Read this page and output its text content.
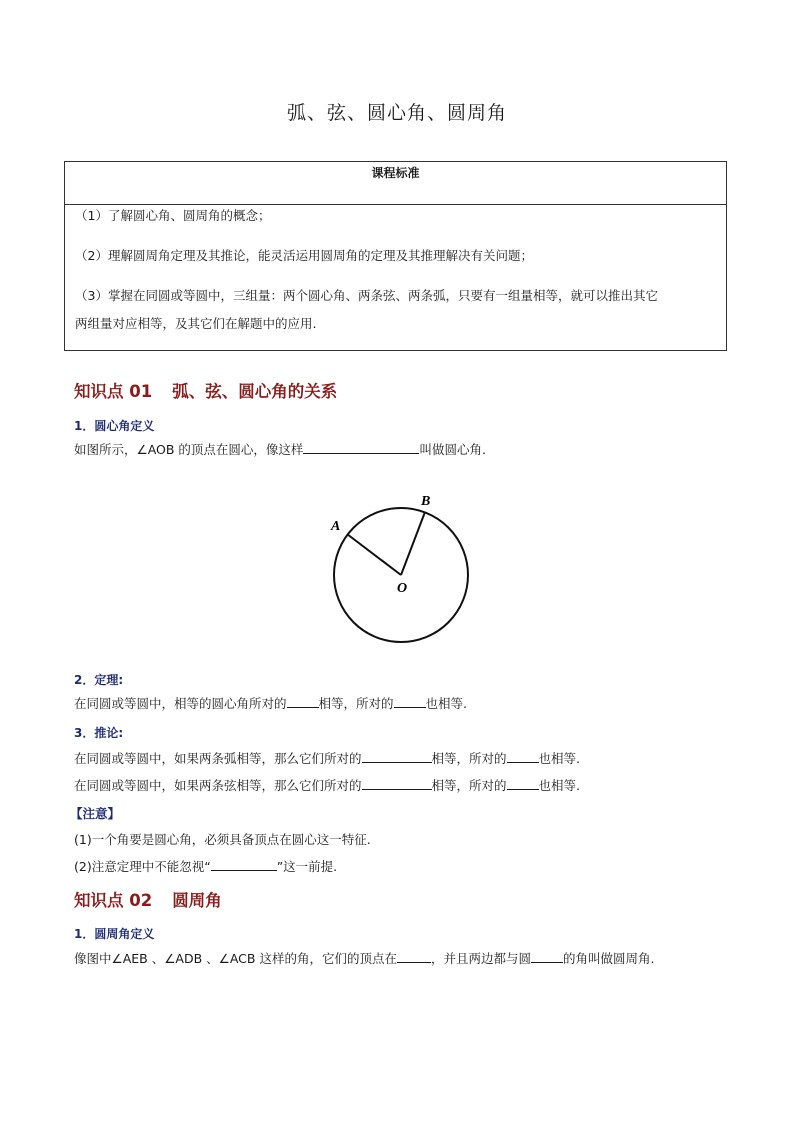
弧、弦、圆心角、圆周角
课程标准
（1）了解圆心角、圆周角的概念；
（2）理解圆周角定理及其推论，能灵活运用圆周角的定理及其推理解决有关问题；
（3）掌握在同圆或等圆中，三组量：两个圆心角、两条弦、两条弧，只要有一组量相等，就可以推出其它
两组量对应相等，及其它们在解题中的应用.
知识点 01 弧、弦、圆心角的关系
1．圆心角定义
如图所示，∠AOB 的顶点在圆心，像这样	叫做圆心角.
A
B
O
2．定理:
在同圆或等圆中，相等的圆心角所对的	相等，所对的	也相等.
3．推论:
在同圆或等圆中，如果两条弧相等，那么它们所对的	相等，所对的	也相等.
在同圆或等圆中，如果两条弦相等，那么它们所对的	相等，所对的	也相等.
【注意】
(1)一个角要是圆心角，必须具备顶点在圆心这一特征.
(2)注意定理中不能忽视“	”这一前提.
知识点 02 圆周角
1．圆周角定义
像图中∠AEB 、∠ADB 、∠ACB 这样的角，它们的顶点在	，并且两边都与圆	的角叫做圆周角.
